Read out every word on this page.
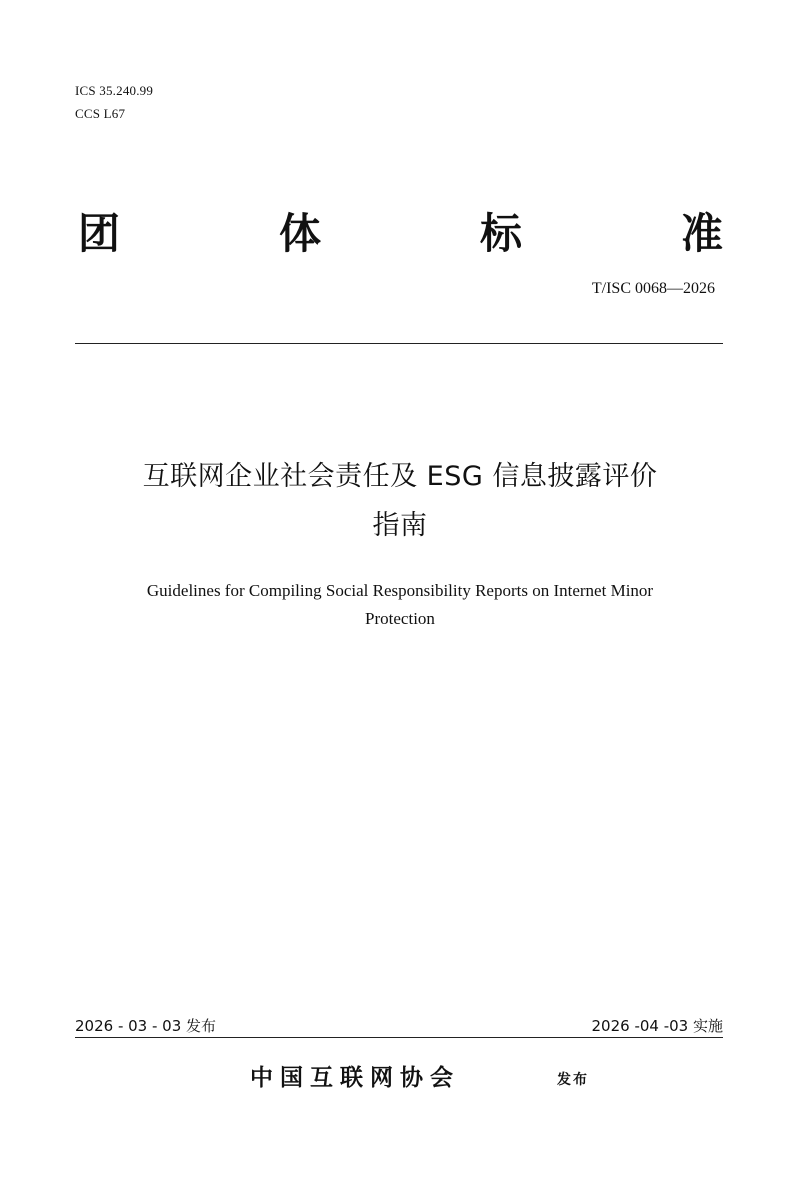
ICS 35.240.99
CCS L67
团	体	标	准
T/ISC 0068—2026
互联网企业社会责任及 ESG 信息披露评价
指南
Guidelines for Compiling Social Responsibility Reports on Internet Minor
Protection
2026 - 03 - 03 发布	2026 -04 -03 实施
中国互联网协会	发布
